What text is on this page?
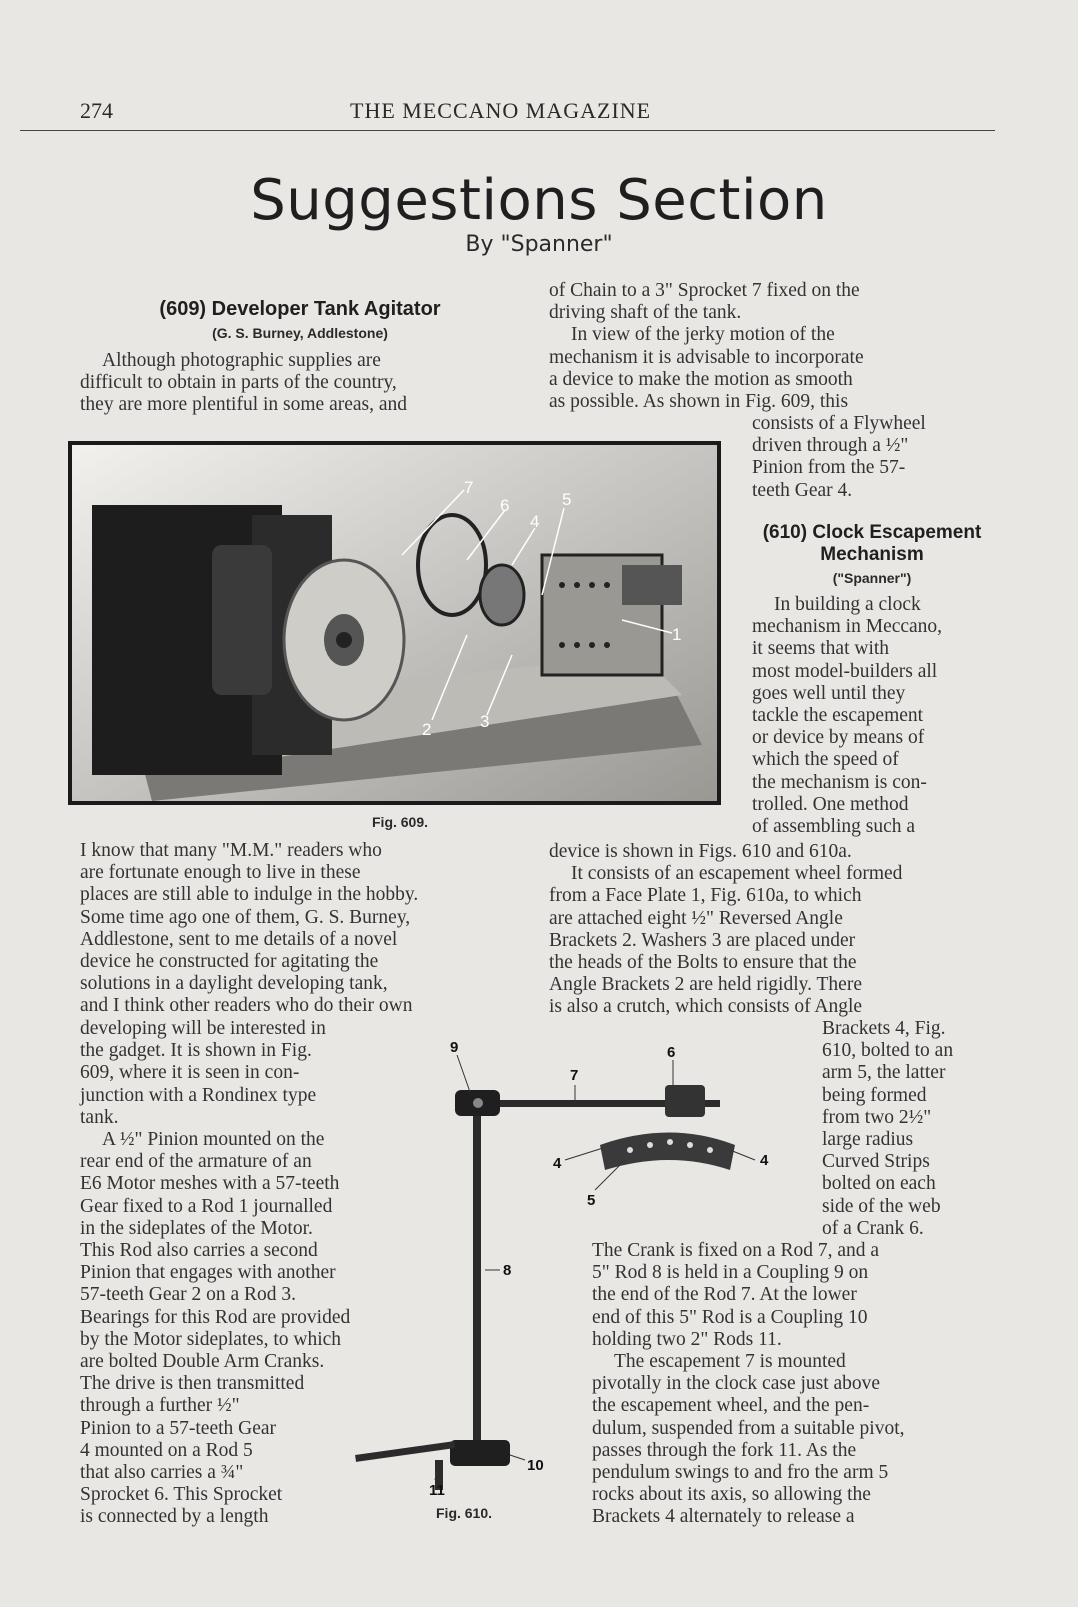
274	THE MECCANO MAGAZINE
Suggestions Section
By "Spanner"
(609) Developer Tank Agitator
(G. S. Burney, Addlestone)

Although photographic supplies are

difficult to obtain in parts of the country,

they are more plentiful in some areas, and

of Chain to a 3" Sprocket 7 fixed on the

driving shaft of the tank.

In view of the jerky motion of the

mechanism it is advisable to incorporate

a device to make the motion as smooth

as possible. As shown in Fig. 609, this

7
6
4
5
1
2	3
Fig. 609.

consists of a Flywheel

driven through a ½"

Pinion from the 57-

teeth Gear 4.

(610) Clock Escapement
Mechanism
("Spanner")

In building a clock

mechanism in Meccano,

it seems that with

most model-builders all

goes well until they

tackle the escapement

or device by means of

which the speed of

the mechanism is con-

trolled. One method

of assembling such a

I know that many "M.M." readers who

are fortunate enough to live in these

places are still able to indulge in the hobby.

Some time ago one of them, G. S. Burney,

Addlestone, sent to me details of a novel

device he constructed for agitating the

solutions in a daylight developing tank,

and I think other readers who do their own

developing will be interested in

the gadget. It is shown in Fig.

609, where it is seen in con-

junction with a Rondinex type

tank.

A ½" Pinion mounted on the

rear end of the armature of an

E6 Motor meshes with a 57-teeth

Gear fixed to a Rod 1 journalled

in the sideplates of the Motor.

This Rod also carries a second

Pinion that engages with another

57-teeth Gear 2 on a Rod 3.

Bearings for this Rod are provided

by the Motor sideplates, to which

are bolted Double Arm Cranks.

The drive is then transmitted

through a further ½"

Pinion to a 57-teeth Gear

4 mounted on a Rod 5

that also carries a ¾"

Sprocket 6. This Sprocket

is connected by a length

device is shown in Figs. 610 and 610a.

It consists of an escapement wheel formed

from a Face Plate 1, Fig. 610a, to which

are attached eight ½" Reversed Angle

Brackets 2. Washers 3 are placed under

the heads of the Bolts to ensure that the

Angle Brackets 2 are held rigidly. There

is also a crutch, which consists of Angle

9	6
7
4	4
5
8
10
11
Fig. 610.

Brackets 4, Fig.

610, bolted to an

arm 5, the latter

being formed

from two 2½"

large radius

Curved Strips

bolted on each

side of the web

of a Crank 6.

The Crank is fixed on a Rod 7, and a

5" Rod 8 is held in a Coupling 9 on

the end of the Rod 7. At the lower

end of this 5" Rod is a Coupling 10

holding two 2" Rods 11.

The escapement 7 is mounted

pivotally in the clock case just above

the escapement wheel, and the pen-

dulum, suspended from a suitable pivot,

passes through the fork 11. As the

pendulum swings to and fro the arm 5

rocks about its axis, so allowing the

Brackets 4 alternately to release a
